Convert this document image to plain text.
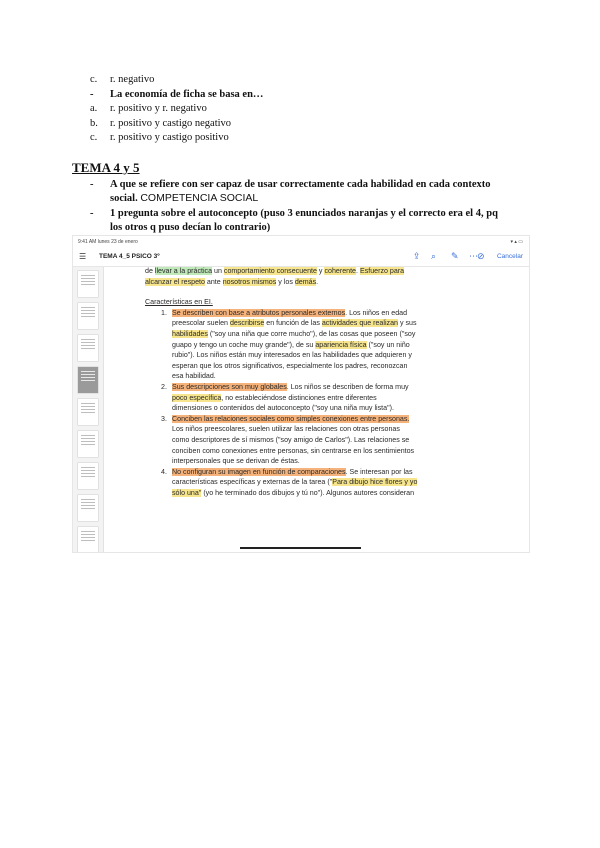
c. r. negativo
- La economía de ficha se basa en…
a. r. positivo y r. negativo
b. r. positivo y castigo negativo
c. r. positivo y castigo positivo
TEMA 4 y 5
- A que se refiere con ser capaz de usar correctamente cada habilidad en cada contexto
social. COMPETENCIA SOCIAL
- 1 pregunta sobre el autoconcepto (puso 3 enunciados naranjas y el correcto era el 4, pq
los otros q puso decían lo contrario)
9:41 AM lunes 23 de enero	▾ ▴ ▭
☰ TEMA 4_5 PSICO 3º	⇪ ⌕ ✎ ⋯ ⊘ Cancelar

de llevar a la práctica un comportamiento consecuente y coherente. Esfuerzo para

alcanzar el respeto ante nosotros mismos y los demás.

Características en EI.

1. Se describen con base a atributos personales externos. Los niños en edad

preescolar suelen describirse en función de las actividades que realizan y sus

habilidades ("soy una niña que corre mucho"), de las cosas que poseen ("soy

guapo y tengo un coche muy grande"), de su apariencia física ("soy un niño

rubio"). Los niños están muy interesados en las habilidades que adquieren y

esperan que los otros significativos, especialmente los padres, reconozcan

esa habilidad.

2. Sus descripciones son muy globales. Los niños se describen de forma muy

poco específica, no estableciéndose distinciones entre diferentes

dimensiones o contenidos del autoconcepto ("soy una niña muy lista").

3. Conciben las relaciones sociales como simples conexiones entre personas.

Los niños preescolares, suelen utilizar las relaciones con otras personas

como descriptores de sí mismos ("soy amigo de Carlos"). Las relaciones se

conciben como conexiones entre personas, sin centrarse en los sentimientos

interpersonales que se derivan de éstas.

4. No configuran su imagen en función de comparaciones. Se interesan por las

características específicas y externas de la tarea ("Para dibujo hice flores y yo

sólo una" (yo he terminado dos dibujos y tú no"). Algunos autores consideran
